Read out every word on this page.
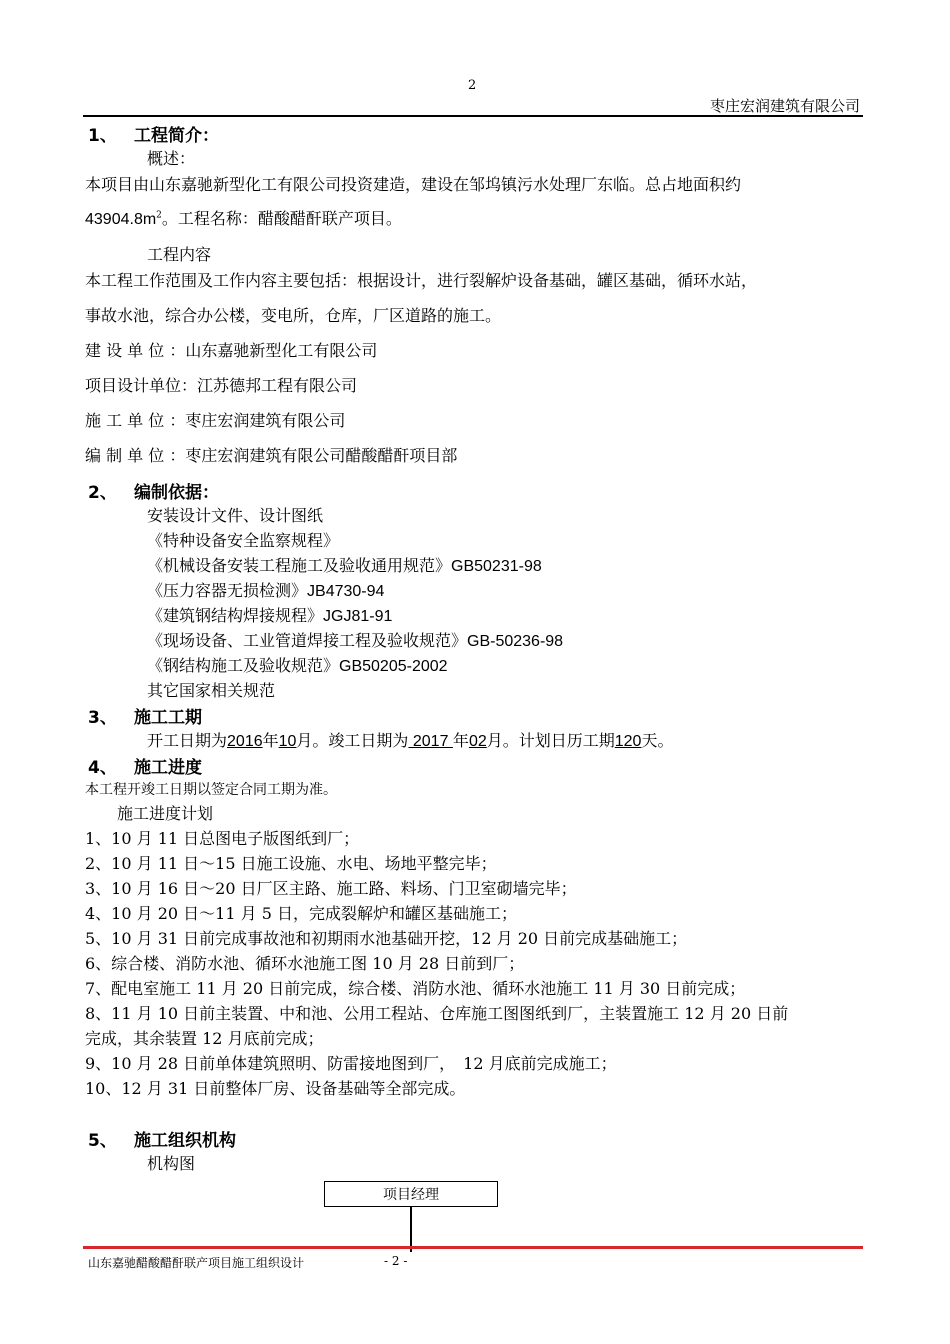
2
枣庄宏润建筑有限公司
1、 工程简介：
概述：
本项目由山东嘉驰新型化工有限公司投资建造，建设在邹坞镇污水处理厂东临。总占地面积约
$43904.8m^2$。工程名称：醋酸醋酐联产项目。
工程内容
本工程工作范围及工作内容主要包括：根据设计，进行裂解炉设备基础，罐区基础，循环水站，
事故水池，综合办公楼，变电所，仓库，厂区道路的施工。
建 设 单 位 ：山东嘉驰新型化工有限公司
项目设计单位：江苏德邦工程有限公司
施 工 单 位 ：枣庄宏润建筑有限公司
编 制 单 位 ：枣庄宏润建筑有限公司醋酸醋酐项目部
2、 编制依据：
安装设计文件、设计图纸
《特种设备安全监察规程》
《机械设备安装工程施工及验收通用规范》GB50231-98
《压力容器无损检测》JB4730-94
《建筑钢结构焊接规程》JGJ81-91
《现场设备、工业管道焊接工程及验收规范》GB-50236-98
《钢结构施工及验收规范》GB50205-2002
其它国家相关规范
3、 施工工期
开工日期为2016年10月。竣工日期为 2017 年02月。计划日历工期120天。
4、 施工进度
本工程开竣工日期以签定合同工期为准。
施工进度计划
1、10 月 11 日总图电子版图纸到厂；
2、10 月 11 日～15 日施工设施、水电、场地平整完毕；
3、10 月 16 日～20 日厂区主路、施工路、料场、门卫室砌墙完毕；
4、10 月 20 日～11 月 5 日，完成裂解炉和罐区基础施工；
5、10 月 31 日前完成事故池和初期雨水池基础开挖，12 月 20 日前完成基础施工；
6、综合楼、消防水池、循环水池施工图 10 月 28 日前到厂；
7、配电室施工 11 月 20 日前完成，综合楼、消防水池、循环水池施工 11 月 30 日前完成；
8、11 月 10 日前主装置、中和池、公用工程站、仓库施工图图纸到厂，主装置施工 12 月 20 日前
完成，其余装置 12 月底前完成；
9、10 月 28 日前单体建筑照明、防雷接地图到厂，　12 月底前完成施工；
10、12 月 31 日前整体厂房、设备基础等全部完成。
5、 施工组织机构
机构图
项目经理
山东嘉驰醋酸醋酐联产项目施工组织设计	- 2 -
